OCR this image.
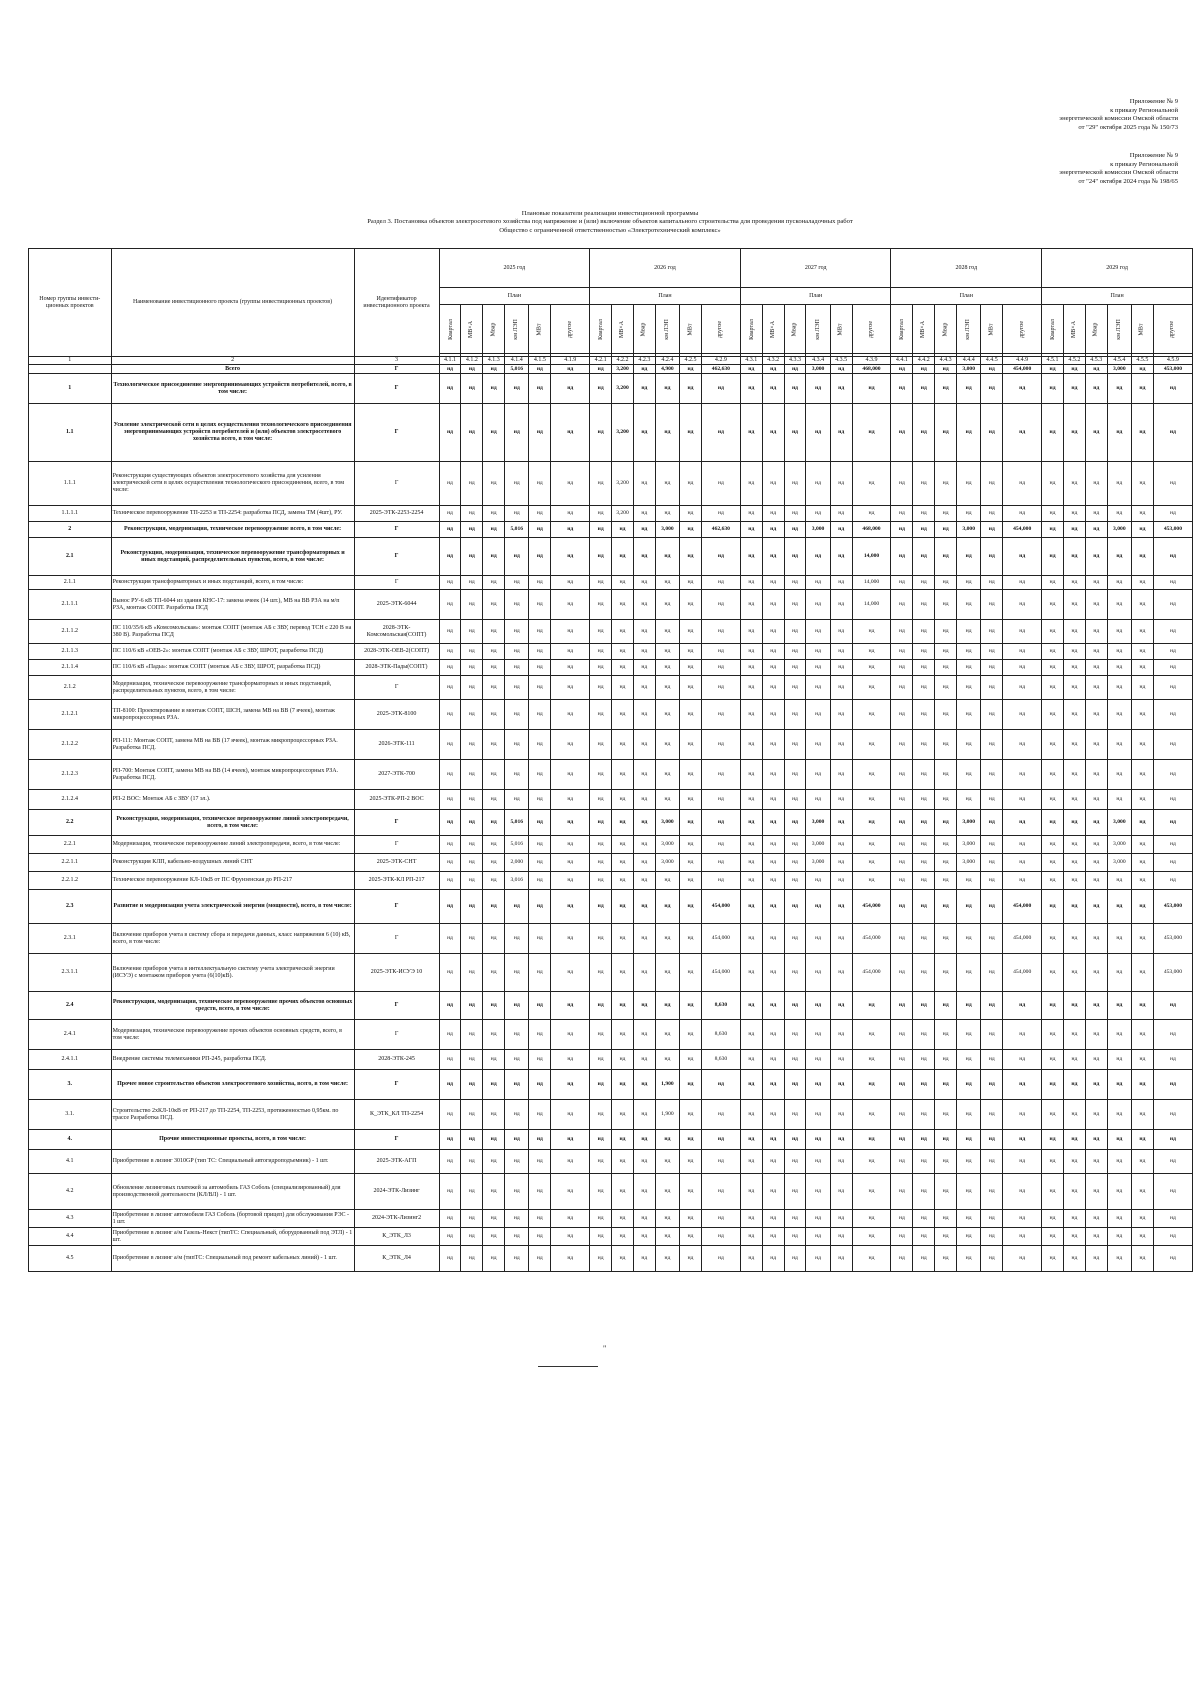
Приложение № 9
к приказу Региональной
энергетической комиссии Омской области
от "29" октября 2025 года № 150/73
Приложение № 9
к приказу Региональной
энергетической комиссии Омской области
от "24" октября 2024 года № 198/65
Плановые показатели реализации инвестиционной программы
Раздел 3. Постановка объектов электросетевого хозяйства под напряжение и (или) включение объектов капитального строительства для проведения пусконаладочных работ
Общество с ограниченной ответственностью «Электротехнический комплекс»
Номер группы инвести-ционных проектов	Наименование инвестиционного проекта (группы инвестиционных проектов)	Идентификатор инвестиционного проекта	2025 год						2026 год						2027 год						2028 год						2029 год					
			План						План						План						План						План					
			Квартал	МВ×А	Мвар	км ЛЭП	МВт	другое	Квартал	МВ×А	Мвар	км ЛЭП	МВт	другое	Квартал	МВ×А	Мвар	км ЛЭП	МВт	другое	Квартал	МВ×А	Мвар	км ЛЭП	МВт	другое	Квартал	МВ×А	Мвар	км ЛЭП	МВт	другое

1	2	3	4.1.1	4.1.2	4.1.3	4.1.4	4.1.5	4.1.9	4.2.1	4.2.2	4.2.3	4.2.4	4.2.5	4.2.9	4.3.1	4.3.2	4.3.3	4.3.4	4.3.5	4.3.9	4.4.1	4.4.2	4.4.3	4.4.4	4.4.5	4.4.9	4.5.1	4.5.2	4.5.3	4.5.4	4.5.5	4.5.9
	Всего	Г	нд	нд	нд	5,016	нд	нд	нд	3,200	нд	4,900	нд	462,630	нд	нд	нд	3,000	нд	468,000	нд	нд	нд	3,000	нд	454,000	нд	нд	нд	3,000	нд	453,000
1	Технологическое присоединение энергопринимающих устройств потребителей, всего, в том числе:	Г	нд	нд	нд	нд	нд	нд	нд	3,200	нд	нд	нд	нд	нд	нд	нд	нд	нд	нд	нд	нд	нд	нд	нд	нд	нд	нд	нд	нд	нд	нд
1.1	Усиление электрической сети в целях осуществления технологического присоединения энергопринимающих устройств потребителей и (или) объектов электросетевого хозяйства всего, в том числе:	Г	нд	нд	нд	нд	нд	нд	нд	3,200	нд	нд	нд	нд	нд	нд	нд	нд	нд	нд	нд	нд	нд	нд	нд	нд	нд	нд	нд	нд	нд	нд
1.1.1	Реконструкция существующих объектов электросетевого хозяйства для усиления электрической сети в целях осуществления технологического присоединения, всего, в том числе:	Г	нд	нд	нд	нд	нд	нд	нд	3,200	нд	нд	нд	нд	нд	нд	нд	нд	нд	нд	нд	нд	нд	нд	нд	нд	нд	нд	нд	нд	нд	нд
1.1.1.1	Техническое перевооружение ТП-2253 и ТП-2254: разработка ПСД, замена ТМ (4шт), РУ.	2025-ЭТК-2253-2254	нд	нд	нд	нд	нд	нд	нд	3,200	нд	нд	нд	нд	нд	нд	нд	нд	нд	нд	нд	нд	нд	нд	нд	нд	нд	нд	нд	нд	нд	нд
2	Реконструкция, модернизация, техническое перевооружение всего, в том числе:	Г	нд	нд	нд	5,016	нд	нд	нд	нд	нд	3,000	нд	462,630	нд	нд	нд	3,000	нд	468,000	нд	нд	нд	3,000	нд	454,000	нд	нд	нд	3,000	нд	453,000
2.1	Реконструкция, модернизация, техническое перевооружение трансформаторных и иных подстанций, распределительных пунктов, всего, в том числе:	Г	нд	нд	нд	нд	нд	нд	нд	нд	нд	нд	нд	нд	нд	нд	нд	нд	нд	14,000	нд	нд	нд	нд	нд	нд	нд	нд	нд	нд	нд	нд
2.1.1	Реконструкция трансформаторных и иных подстанций, всего, в том числе:	Г	нд	нд	нд	нд	нд	нд	нд	нд	нд	нд	нд	нд	нд	нд	нд	нд	нд	14,000	нд	нд	нд	нд	нд	нд	нд	нд	нд	нд	нд	нд
2.1.1.1	Вынос РУ-6 кВ ТП-6044 из здания КНС-17: замена ячеек (14 шт.), МВ на ВВ РЗА на м/п РЗА, монтаж СОПТ. Разработка ПСД	2025-ЭТК-6044	нд	нд	нд	нд	нд	нд	нд	нд	нд	нд	нд	нд	нд	нд	нд	нд	нд	14,000	нд	нд	нд	нд	нд	нд	нд	нд	нд	нд	нд	нд
2.1.1.2	ПС 110/35/6 кВ «Комсомольская»: монтаж СОПТ (монтаж АБ с ЗВУ, перевод ТСН с 220 В на 380 В). Разработка ПСД	2028-ЭТК-Комсомольская(СОПТ)	нд	нд	нд	нд	нд	нд	нд	нд	нд	нд	нд	нд	нд	нд	нд	нд	нд	нд	нд	нд	нд	нд	нд	нд	нд	нд	нд	нд	нд	нд
2.1.1.3	ПС 110/6 кВ «ОЕВ-2»: монтаж СОПТ (монтаж АБ с ЗВУ, ШРОТ, разработка ПСД)	2028-ЭТК-ОЕВ-2(СОПТ)	нд	нд	нд	нд	нд	нд	нд	нд	нд	нд	нд	нд	нд	нд	нд	нд	нд	нд	нд	нд	нд	нд	нд	нд	нд	нд	нд	нд	нд	нд
2.1.1.4	ПС 110/6 кВ «Пады»: монтаж СОПТ (монтаж АБ с ЗВУ, ШРОТ, разработка ПСД)	2028-ЭТК-Пады(СОПТ)	нд	нд	нд	нд	нд	нд	нд	нд	нд	нд	нд	нд	нд	нд	нд	нд	нд	нд	нд	нд	нд	нд	нд	нд	нд	нд	нд	нд	нд	нд
2.1.2	Модернизация, техническое перевооружение трансформаторных и иных подстанций, распределительных пунктов, всего, в том числе:	Г	нд	нд	нд	нд	нд	нд	нд	нд	нд	нд	нд	нд	нд	нд	нд	нд	нд	нд	нд	нд	нд	нд	нд	нд	нд	нд	нд	нд	нд	нд
2.1.2.1	ТП-8100: Проектирование и монтаж СОПТ, ШСН, замена МВ на ВВ (7 ячеек), монтаж микропроцессорных РЗА.	2025-ЭТК-8100	нд	нд	нд	нд	нд	нд	нд	нд	нд	нд	нд	нд	нд	нд	нд	нд	нд	нд	нд	нд	нд	нд	нд	нд	нд	нд	нд	нд	нд	нд
2.1.2.2	РП-111: Монтаж СОПТ, замена МВ на ВВ (17 ячеек), монтаж микропроцессорных РЗА. Разработка ПСД.	2026-ЭТК-111	нд	нд	нд	нд	нд	нд	нд	нд	нд	нд	нд	нд	нд	нд	нд	нд	нд	нд	нд	нд	нд	нд	нд	нд	нд	нд	нд	нд	нд	нд
2.1.2.3	РП-700: Монтаж СОПТ, замена МВ на ВВ (14 ячеек), монтаж микропроцессорных РЗА. Разработка ПСД.	2027-ЭТК-700	нд	нд	нд	нд	нд	нд	нд	нд	нд	нд	нд	нд	нд	нд	нд	нд	нд	нд	нд	нд	нд	нд	нд	нд	нд	нд	нд	нд	нд	нд
2.1.2.4	РП-2 ВОС: Монтаж АБ с ЗВУ (17 эл.).	2025-ЭТК-РП-2 ВОС	нд	нд	нд	нд	нд	нд	нд	нд	нд	нд	нд	нд	нд	нд	нд	нд	нд	нд	нд	нд	нд	нд	нд	нд	нд	нд	нд	нд	нд	нд
2.2	Реконструкция, модернизация, техническое перевооружение линий электропередачи, всего, в том числе:	Г	нд	нд	нд	5,016	нд	нд	нд	нд	нд	3,000	нд	нд	нд	нд	нд	3,000	нд	нд	нд	нд	нд	3,000	нд	нд	нд	нд	нд	3,000	нд	нд
2.2.1	Модернизация, техническое перевооружение линий электропередачи, всего, в том числе:	Г	нд	нд	нд	5,016	нд	нд	нд	нд	нд	3,000	нд	нд	нд	нд	нд	3,000	нд	нд	нд	нд	нд	3,000	нд	нд	нд	нд	нд	3,000	нд	нд
2.2.1.1	Реконструкция КЛП, кабельно-воздушных линий СНТ	2025-ЭТК-СНТ	нд	нд	нд	2,000	нд	нд	нд	нд	нд	3,000	нд	нд	нд	нд	нд	3,000	нд	нд	нд	нд	нд	3,000	нд	нд	нд	нд	нд	3,000	нд	нд
2.2.1.2	Техническое перевооружение КЛ-10кВ от ПС Фрунзенская до РП-217	2025-ЭТК-КЛ РП-217	нд	нд	нд	3,016	нд	нд	нд	нд	нд	нд	нд	нд	нд	нд	нд	нд	нд	нд	нд	нд	нд	нд	нд	нд	нд	нд	нд	нд	нд	нд
2.3	Развитие и модернизация учета электрической энергии (мощности), всего, в том числе:	Г	нд	нд	нд	нд	нд	нд	нд	нд	нд	нд	нд	454,000	нд	нд	нд	нд	нд	454,000	нд	нд	нд	нд	нд	454,000	нд	нд	нд	нд	нд	453,000
2.3.1	Включение приборов учета в систему сбора и передачи данных, класс напряжения 6 (10) кВ, всего, в том числе:	Г	нд	нд	нд	нд	нд	нд	нд	нд	нд	нд	нд	454,000	нд	нд	нд	нд	нд	454,000	нд	нд	нд	нд	нд	454,000	нд	нд	нд	нд	нд	453,000
2.3.1.1	Включение приборов учета в интеллектуальную систему учета электрической энергии (ИСУЭ) с монтажом приборов учета (6(10)кВ).	2025-ЭТК-ИСУЭ 10	нд	нд	нд	нд	нд	нд	нд	нд	нд	нд	нд	454,000	нд	нд	нд	нд	нд	454,000	нд	нд	нд	нд	нд	454,000	нд	нд	нд	нд	нд	453,000
2.4	Реконструкция, модернизация, техническое перевооружение прочих объектов основных средств, всего, в том числе:	Г	нд	нд	нд	нд	нд	нд	нд	нд	нд	нд	нд	8,630	нд	нд	нд	нд	нд	нд	нд	нд	нд	нд	нд	нд	нд	нд	нд	нд	нд	нд
2.4.1	Модернизация, техническое перевооружение прочих объектов основных средств, всего, в том числе:	Г	нд	нд	нд	нд	нд	нд	нд	нд	нд	нд	нд	8,630	нд	нд	нд	нд	нд	нд	нд	нд	нд	нд	нд	нд	нд	нд	нд	нд	нд	нд
2.4.1.1	Внедрение системы телемеханики РП-245, разработка ПСД.	2028-ЭТК-245	нд	нд	нд	нд	нд	нд	нд	нд	нд	нд	нд	8,630	нд	нд	нд	нд	нд	нд	нд	нд	нд	нд	нд	нд	нд	нд	нд	нд	нд	нд
3.	Прочее новое строительство объектов электросетевого хозяйства, всего, в том числе:	Г	нд	нд	нд	нд	нд	нд	нд	нд	нд	1,900	нд	нд	нд	нд	нд	нд	нд	нд	нд	нд	нд	нд	нд	нд	нд	нд	нд	нд	нд	нд
3.1.	Строительство 2хКЛ-10кВ от РП-217 до ТП-2254, ТП-2253, протяженностью 0,95км. по трассе Разработка ПСД.	К_ЭТК_КЛ ТП-2254	нд	нд	нд	нд	нд	нд	нд	нд	нд	1,900	нд	нд	нд	нд	нд	нд	нд	нд	нд	нд	нд	нд	нд	нд	нд	нд	нд	нд	нд	нд
4.	Прочие инвестиционные проекты, всего, в том числе:	Г	нд	нд	нд	нд	нд	нд	нд	нд	нд	нд	нд	нд	нд	нд	нд	нд	нд	нд	нд	нд	нд	нд	нд	нд	нд	нд	нд	нд	нд	нд
4.1	Приобретение в лизинг 3010GP (тип ТС: Специальный автогидроподъемник) - 1 шт.	2025-ЭТК-АГП	нд	нд	нд	нд	нд	нд	нд	нд	нд	нд	нд	нд	нд	нд	нд	нд	нд	нд	нд	нд	нд	нд	нд	нд	нд	нд	нд	нд	нд	нд
4.2	Обновление лизинговых платежей за автомобиль ГАЗ Соболь (специализированный) для производственной деятельности (КЛ/ВЛ) - 1 шт.	2024-ЭТК-Лизинг	нд	нд	нд	нд	нд	нд	нд	нд	нд	нд	нд	нд	нд	нд	нд	нд	нд	нд	нд	нд	нд	нд	нд	нд	нд	нд	нд	нд	нд	нд
4.3	Приобретение в лизинг автомобиля ГАЗ Соболь (бортовой прицеп) для обслуживания РЭС - 1 шт.	2024-ЭТК-Лизинг2	нд	нд	нд	нд	нд	нд	нд	нд	нд	нд	нд	нд	нд	нд	нд	нд	нд	нд	нд	нд	нд	нд	нд	нд	нд	нд	нд	нд	нд	нд
4.4	Приобретение в лизинг а/м Газель-Некст (типТС: Специальный, оборудованный под ЭТЛ) - 1 шт.	К_ЭТК_Л3	нд	нд	нд	нд	нд	нд	нд	нд	нд	нд	нд	нд	нд	нд	нд	нд	нд	нд	нд	нд	нд	нд	нд	нд	нд	нд	нд	нд	нд	нд
4.5	Приобретение в лизинг а/м (типТС: Специальный под ремонт кабельных линий) - 1 шт.	К_ЭТК_Л4	нд	нд	нд	нд	нд	нд	нд	нд	нд	нд	нд	нд	нд	нд	нд	нд	нд	нд	нд	нд	нд	нд	нд	нд	нд	нд	нд	нд	нд	нд
"
